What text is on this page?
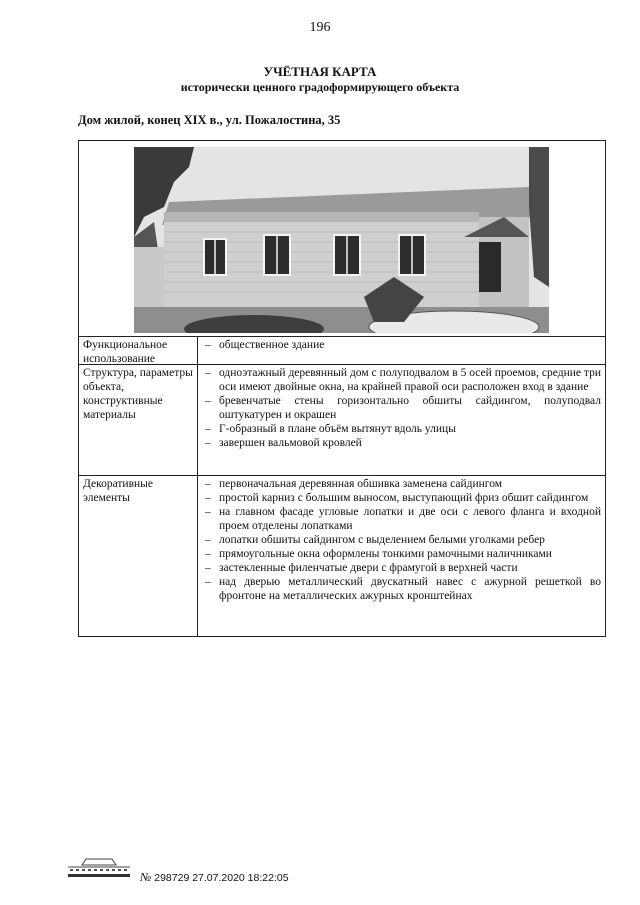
196
УЧЁТНАЯ КАРТА
исторически ценного градоформирующего объекта
Дом жилой, конец XIX в., ул. Пожалостина, 35
Функциональное использование
– общественное здание
Структура, параметры объекта, конструктивные материалы
– одноэтажный деревянный дом с полуподвалом в 5 осей проемов, средние три оси имеют двойные окна, на крайней правой оси расположен вход в здание
– бревенчатые стены горизонтально обшиты сайдингом, полуподвал оштукатурен и окрашен
– Г-образный в плане объём вытянут вдоль улицы
– завершен вальмовой кровлей
Декоративные элементы
– первоначальная деревянная обшивка заменена сайдингом
– простой карниз с большим выносом, выступающий фриз обшит сайдингом
– на главном фасаде угловые лопатки и две оси с левого фланга и входной проем отделены лопатками
– лопатки обшиты сайдингом с выделением белыми уголками ребер
– прямоугольные окна оформлены тонкими рамочными наличниками
– застекленные филенчатые двери с фрамугой в верхней части
– над дверью металлический двускатный навес с ажурной решеткой во фронтоне на металлических ажурных кронштейнах
№ 298729 27.07.2020 18:22:05
